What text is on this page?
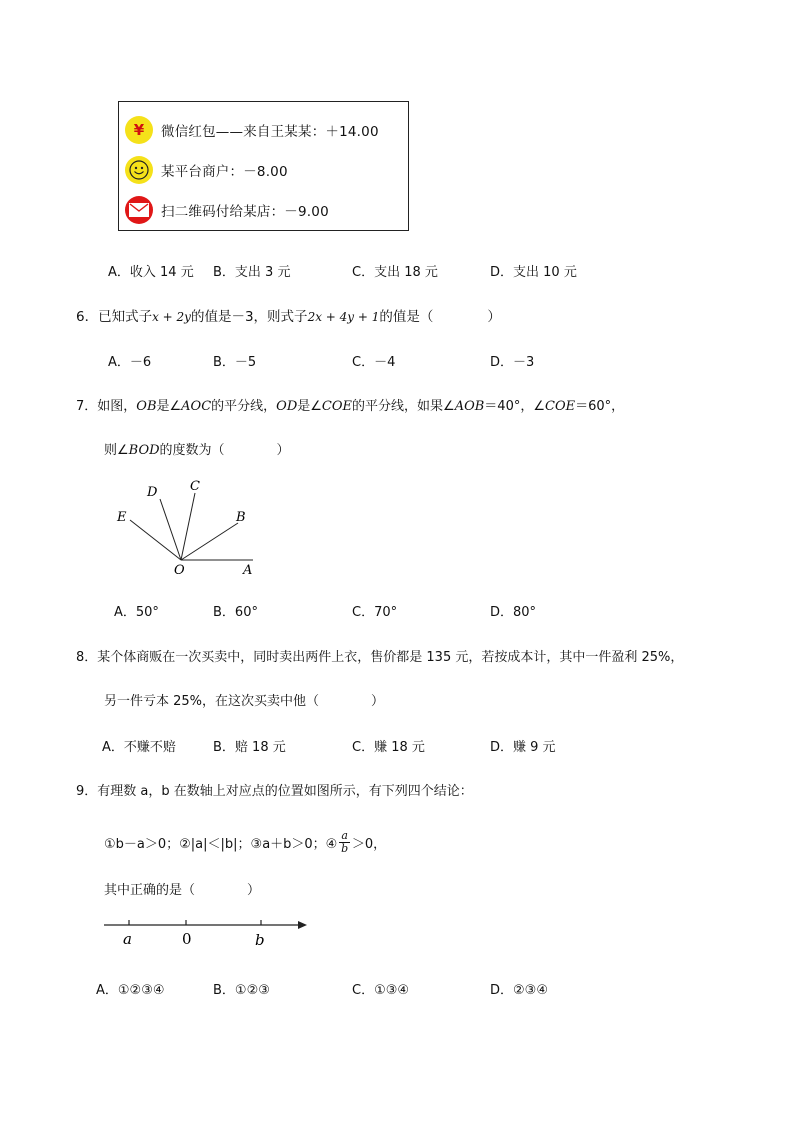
¥ 微信红包——来自王某某：＋14.00
某平台商户：－8.00
扫二维码付给某店：－9.00
A．收入 14 元 B．支出 3 元	C．支出 18 元	D．支出 10 元
6．已知式子x + 2y的值是－3，则式子2x + 4y + 1的值是（　　　　）
A．－6	B．－5	C．－4	D．－3
7．如图，OB是∠AOC的平分线，OD是∠COE的平分线，如果∠AOB＝40°，∠COE＝60°，
则∠BOD的度数为（　　　　）
D	C
E	B
O	A
A．50°	B．60°	C．70°	D．80°
8．某个体商贩在一次买卖中，同时卖出两件上衣，售价都是 135 元，若按成本计，其中一件盈利 25%，
另一件亏本 25%，在这次买卖中他（　　　　）
A．不赚不赔	B．赔 18 元	C．赚 18 元	D．赚 9 元
9．有理数 a，b 在数轴上对应点的位置如图所示，有下列四个结论：
①b－a＞0；②|a|＜|b|；③a＋b＞0；④
a
b ＞0，
其中正确的是（　　　　）
a	0	b
A．①②③④	B．①②③	C．①③④	D．②③④
